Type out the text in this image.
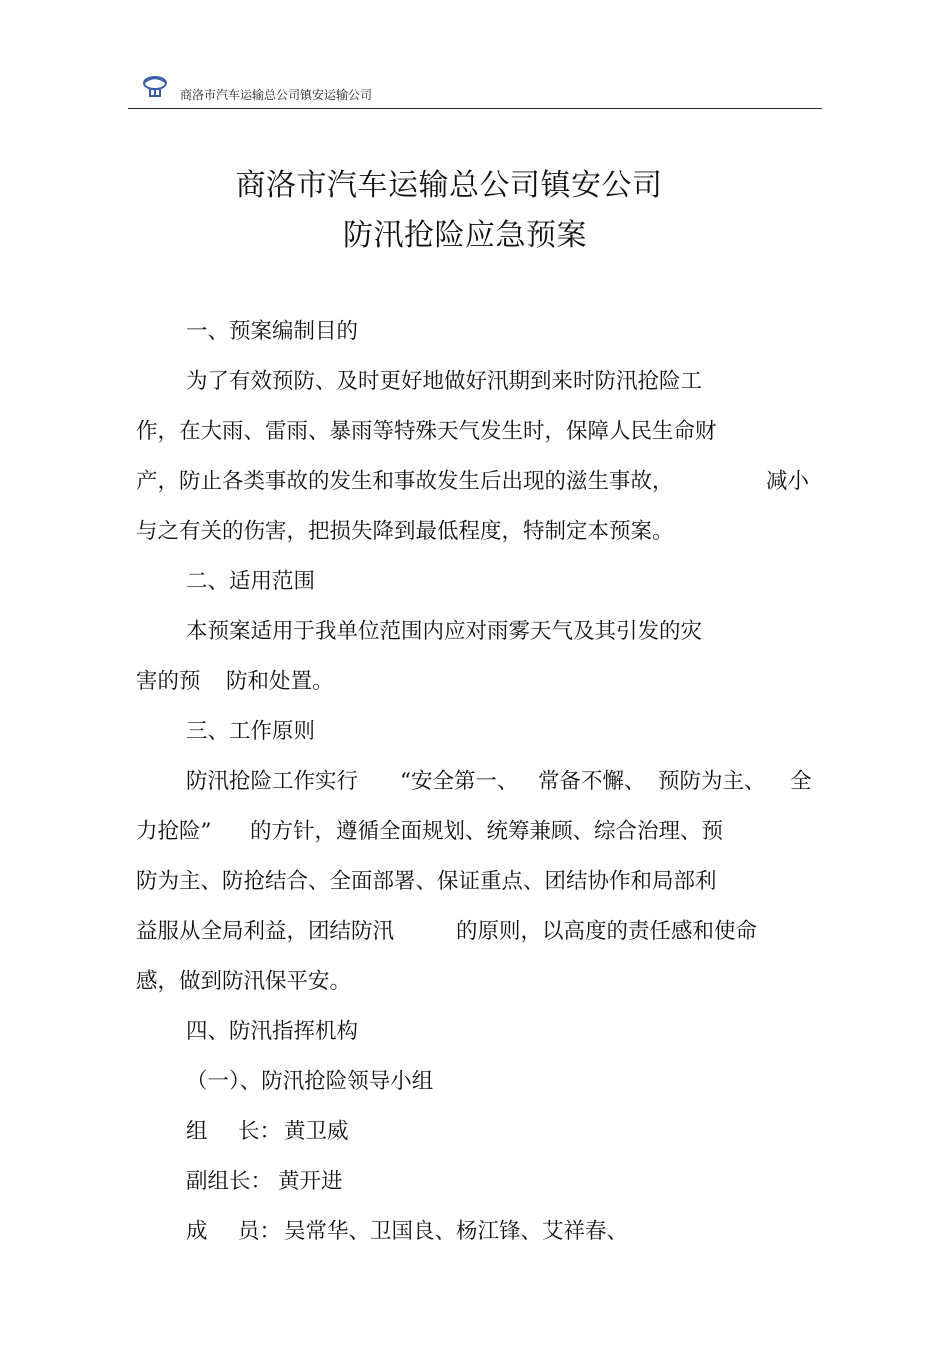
商洛市汽车运输总公司镇安运输公司
商洛市汽车运输总公司镇安公司
防汛抢险应急预案
一、预案编制目的
为了有效预防、及时更好地做好汛期到来时防汛抢险工
作，在大雨、雷雨、暴雨等特殊天气发生时，保障人民生命财
产，防止各类事故的发生和事故发生后出现的滋生事故，	减小
与之有关的伤害，把损失降到最低程度，特制定本预案。
二、适用范围
本预案适用于我单位范围内应对雨雾天气及其引发的灾
害的预 防和处置。
三、工作原则
防汛抢险工作实行 “安全第一、 常备不懈、 预防为主、 全
力抢险” 的方针，遵循全面规划、统筹兼顾、综合治理、预
防为主、防抢结合、全面部署、保证重点、团结协作和局部利
益服从全局利益，团结防汛	的原则，以高度的责任感和使命
感，做到防汛保平安。
四、防汛指挥机构
（一）、防汛抢险领导小组
组 长： 黄卫威
副组长： 黄开进
成 员： 吴常华、卫国良、杨江锋、艾祥春、
